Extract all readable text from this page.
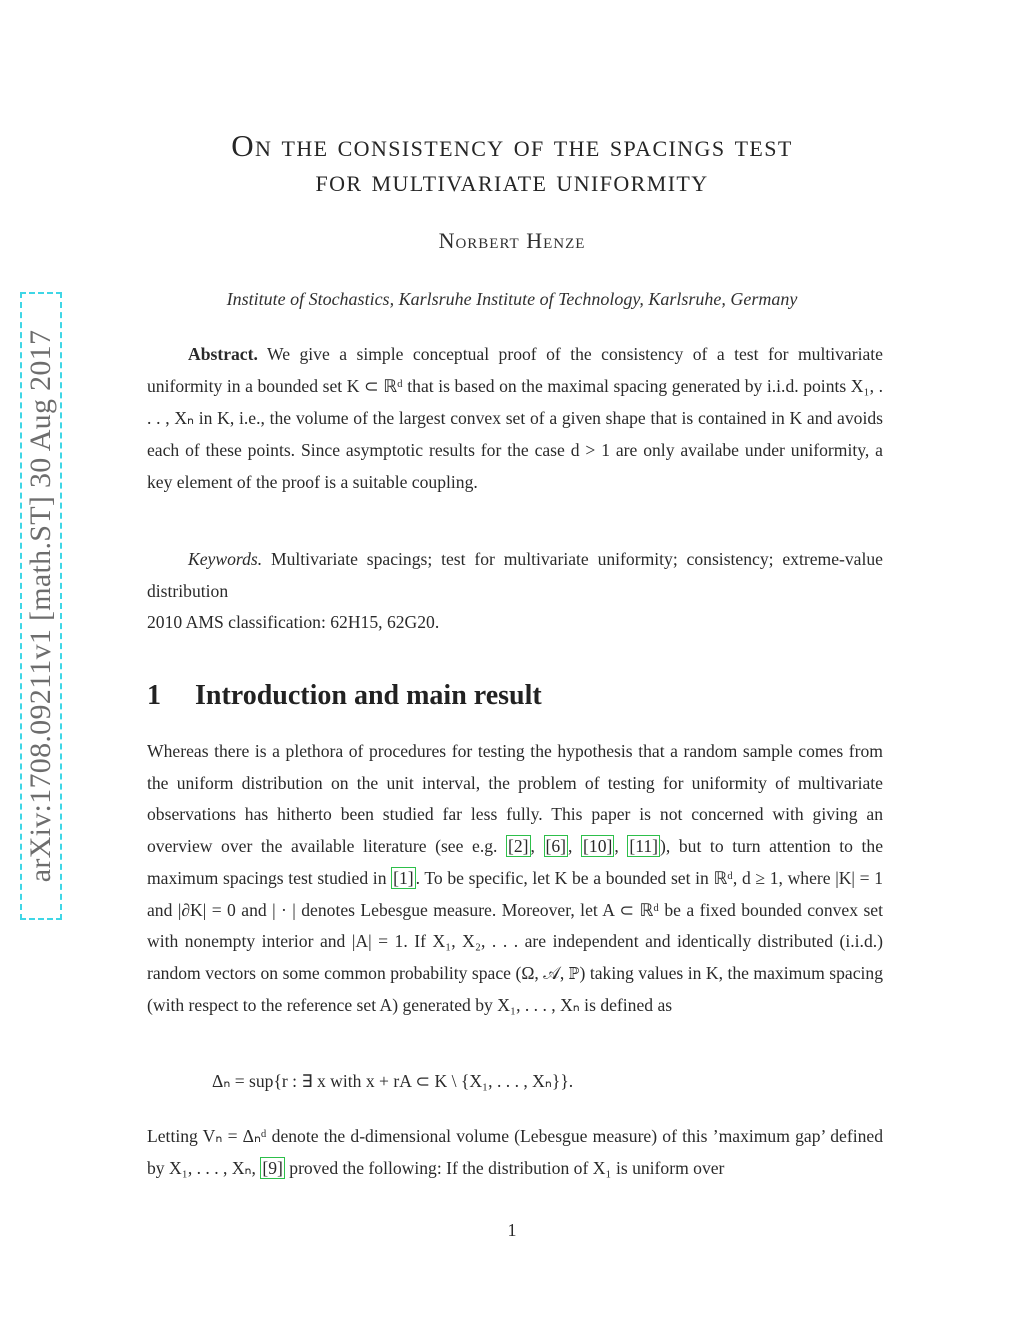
arXiv:1708.09211v1 [math.ST] 30 Aug 2017
On the consistency of the spacings test
for multivariate uniformity
Norbert Henze
Institute of Stochastics, Karlsruhe Institute of Technology, Karlsruhe, Germany

Abstract. We give a simple conceptual proof of the consistency of a test for multivariate uniformity in a bounded set K ⊂ ℝᵈ that is based on the maximal spacing generated by i.i.d. points X₁, . . . , Xₙ in K, i.e., the volume of the largest convex set of a given shape that is contained in K and avoids each of these points. Since asymptotic results for the case d > 1 are only availabe under uniformity, a key element of the proof is a suitable coupling.

Keywords. Multivariate spacings; test for multivariate uniformity; consistency; extreme-value distribution

2010 AMS classification: 62H15, 62G20.
1 Introduction and main result

Whereas there is a plethora of procedures for testing the hypothesis that a random sample comes from the uniform distribution on the unit interval, the problem of testing for uniformity of multivariate observations has hitherto been studied far less fully. This paper is not concerned with giving an overview over the available literature (see e.g. [2] , [6] , [10] , [11] ), but to turn attention to the maximum spacings test studied in [1] . To be specific, let K be a bounded set in ℝᵈ, d ≥ 1, where |K| = 1 and |∂K| = 0 and | · | denotes Lebesgue measure. Moreover, let A ⊂ ℝᵈ be a fixed bounded convex set with nonempty interior and |A| = 1. If X₁, X₂, . . . are independent and identically distributed (i.i.d.) random vectors on some common probability space (Ω, 𝒜, ℙ) taking values in K, the maximum spacing (with respect to the reference set A) generated by X₁, . . . , Xₙ is defined as

Δₙ = sup{r : ∃ x with x + rA ⊂ K \ {X₁, . . . , Xₙ}}.

Letting Vₙ = Δₙᵈ denote the d-dimensional volume (Lebesgue measure) of this ’maximum gap’ defined by X₁, . . . , Xₙ, [9] proved the following: If the distribution of X₁ is uniform over

1
